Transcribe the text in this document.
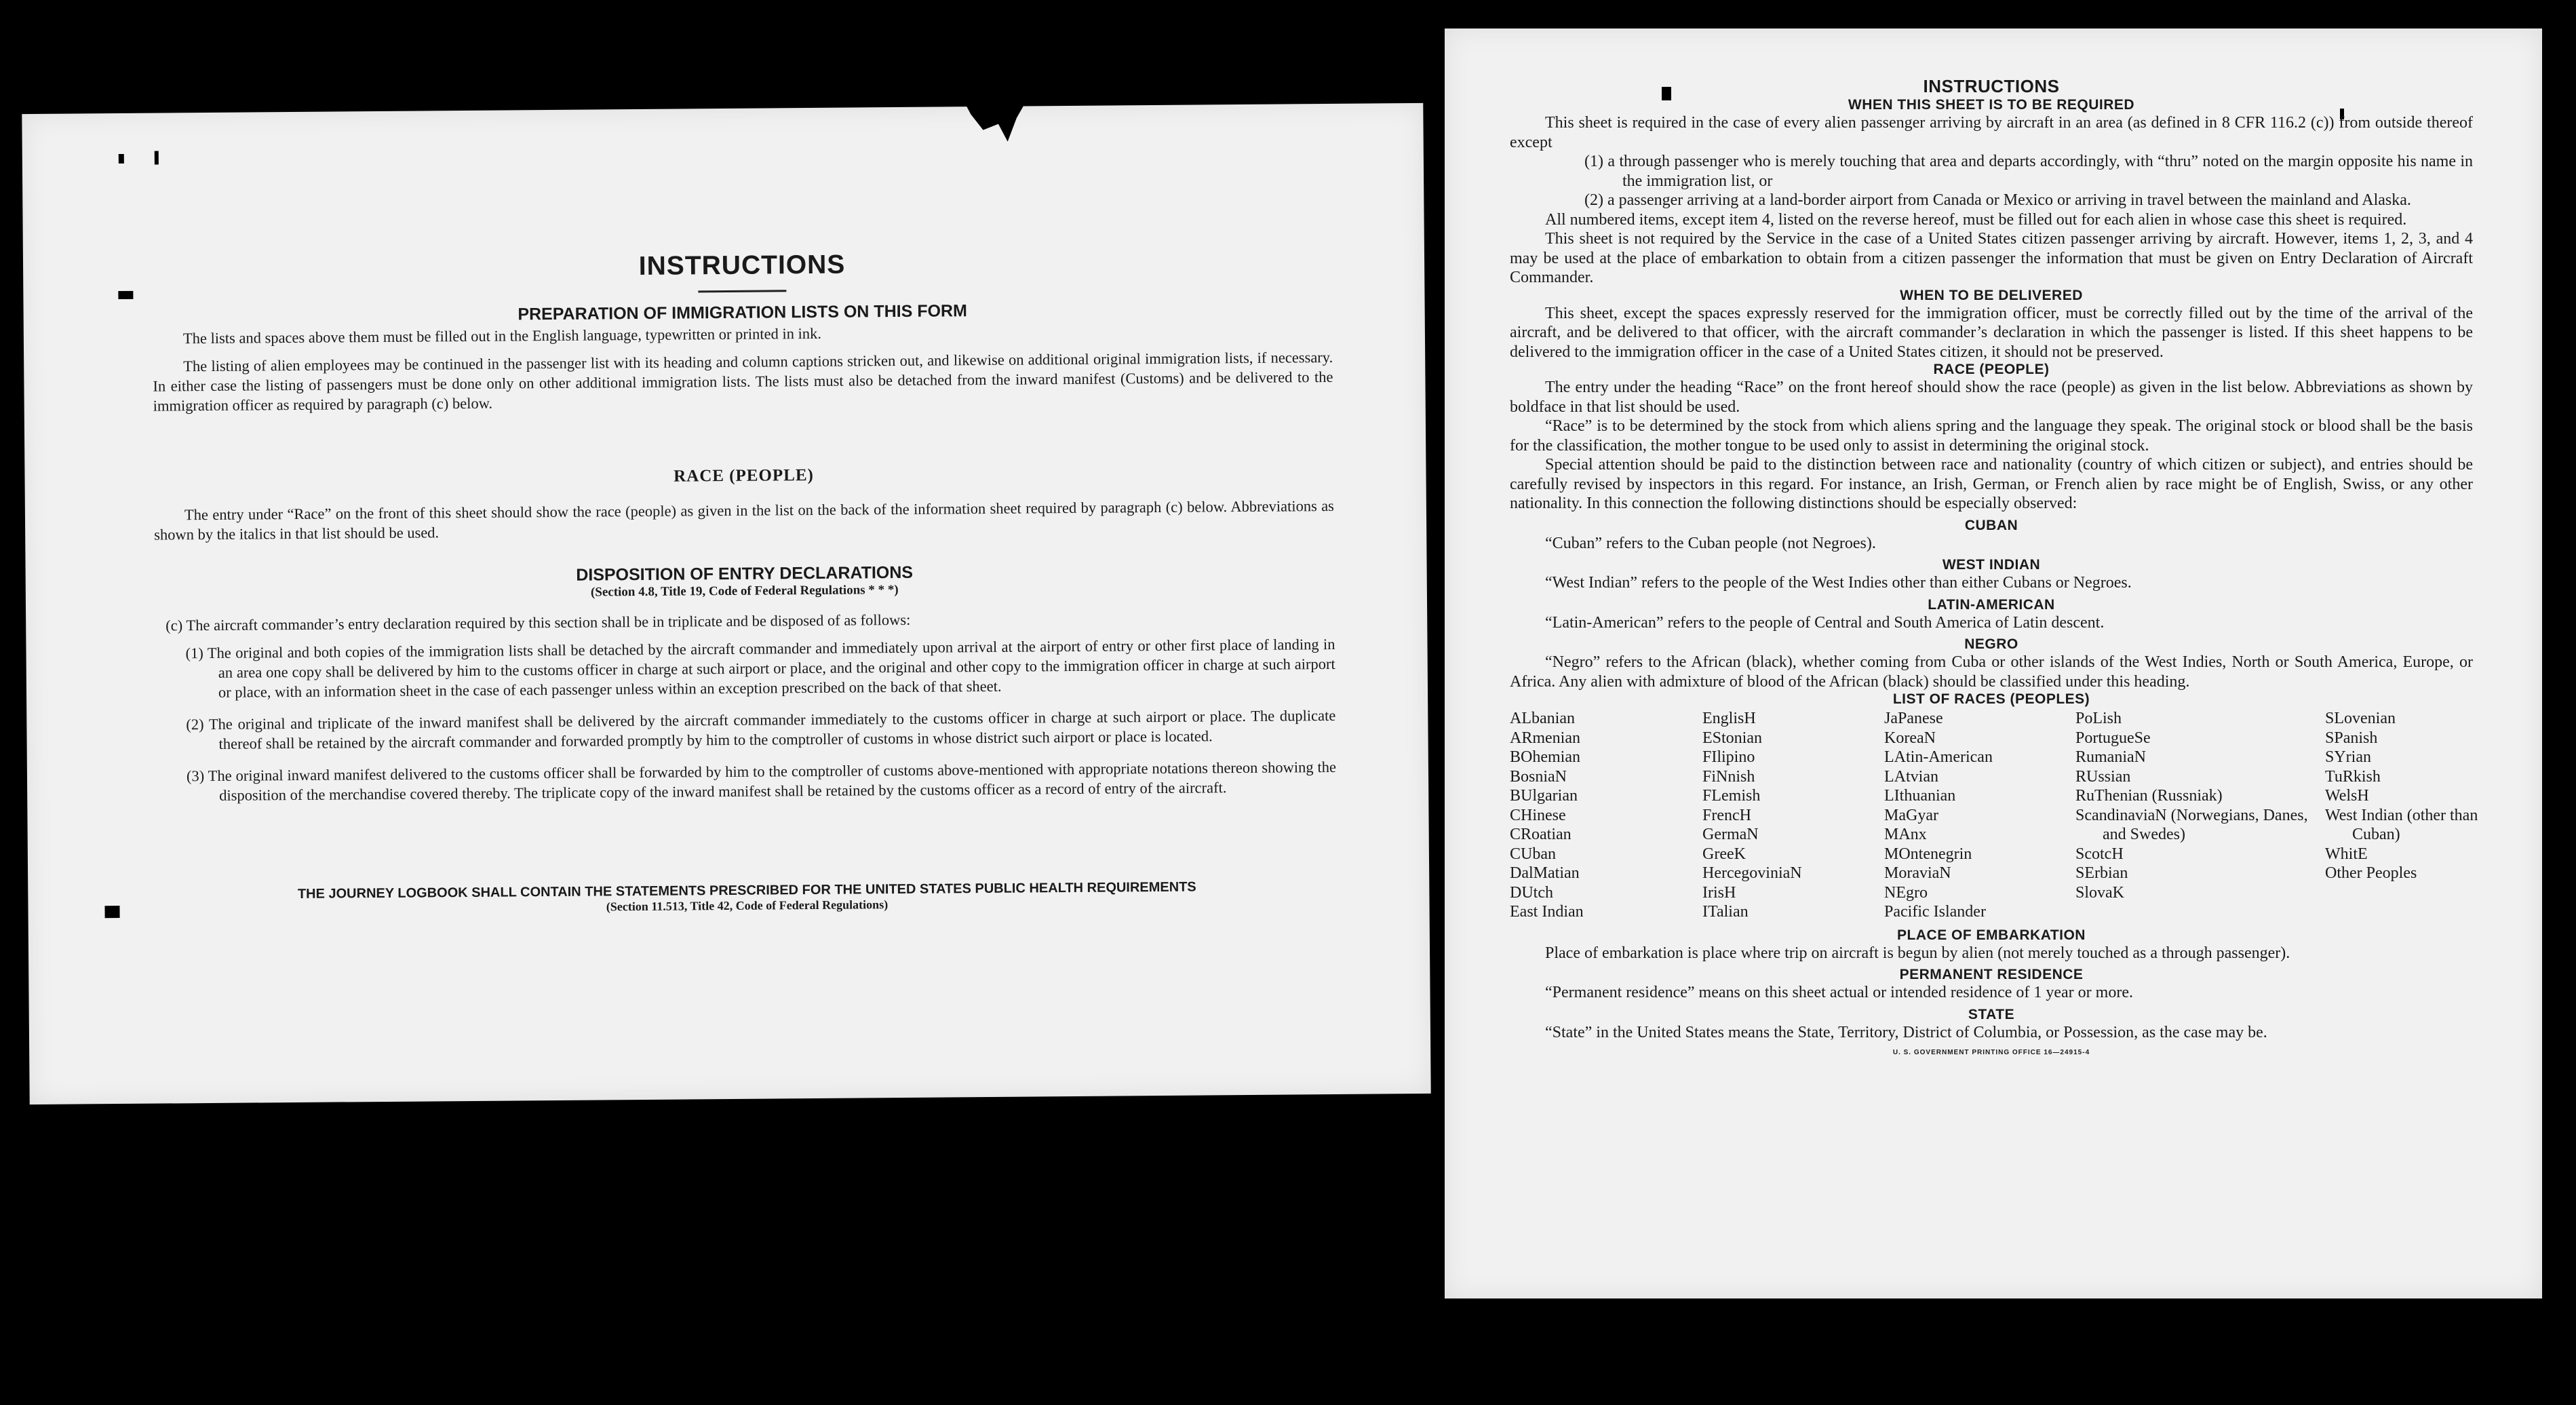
INSTRUCTIONS
PREPARATION OF IMMIGRATION LISTS ON THIS FORM

The lists and spaces above them must be filled out in the English language, typewritten or printed in ink.

The listing of alien employees may be continued in the passenger list with its heading and column captions stricken out, and likewise on additional original immigration lists, if necessary. In either case the listing of passengers must be done only on other additional immigration lists. The lists must also be detached from the inward manifest (Customs) and be delivered to the immigration officer as required by paragraph (c) below.

RACE (PEOPLE)

The entry under “Race” on the front of this sheet should show the race (people) as given in the list on the back of the information sheet required by paragraph (c) below. Abbreviations as shown by the italics in that list should be used.

DISPOSITION OF ENTRY DECLARATIONS
(Section 4.8, Title 19, Code of Federal Regulations * * *)

(c) The aircraft commander’s entry declaration required by this section shall be in triplicate and be disposed of as follows:

(1) The original and both copies of the immigration lists shall be detached by the aircraft commander and immediately upon arrival at the airport of entry or other first place of landing in an area one copy shall be delivered by him to the customs officer in charge at such airport or place, and the original and other copy to the immigration officer in charge at such airport or place, with an information sheet in the case of each passenger unless within an exception prescribed on the back of that sheet.
(2) The original and triplicate of the inward manifest shall be delivered by the aircraft commander immediately to the customs officer in charge at such airport or place. The duplicate thereof shall be retained by the aircraft commander and forwarded promptly by him to the comptroller of customs in whose district such airport or place is located.
(3) The original inward manifest delivered to the customs officer shall be forwarded by him to the comptroller of customs above-mentioned with appropriate notations thereon showing the disposition of the merchandise covered thereby. The triplicate copy of the inward manifest shall be retained by the customs officer as a record of entry of the aircraft.
THE JOURNEY LOGBOOK SHALL CONTAIN THE STATEMENTS PRESCRIBED FOR THE UNITED STATES PUBLIC HEALTH REQUIREMENTS
(Section 11.513, Title 42, Code of Federal Regulations)
INSTRUCTIONS
WHEN THIS SHEET IS TO BE REQUIRED

This sheet is required in the case of every alien passenger arriving by aircraft in an area (as defined in 8 CFR 116.2 (c)) from outside thereof except

(1) a through passenger who is merely touching that area and departs accordingly, with “thru” noted on the margin opposite his name in the immigration list, or
(2) a passenger arriving at a land-border airport from Canada or Mexico or arriving in travel between the mainland and Alaska.

All numbered items, except item 4, listed on the reverse hereof, must be filled out for each alien in whose case this sheet is required.

This sheet is not required by the Service in the case of a United States citizen passenger arriving by aircraft. However, items 1, 2, 3, and 4 may be used at the place of embarkation to obtain from a citizen passenger the information that must be given on Entry Declaration of Aircraft Commander.

WHEN TO BE DELIVERED

This sheet, except the spaces expressly reserved for the immigration officer, must be correctly filled out by the time of the arrival of the aircraft, and be delivered to that officer, with the aircraft commander’s declaration in which the passenger is listed. If this sheet happens to be delivered to the immigration officer in the case of a United States citizen, it should not be preserved.

RACE (PEOPLE)

The entry under the heading “Race” on the front hereof should show the race (people) as given in the list below. Abbreviations as shown by boldface in that list should be used.

“Race” is to be determined by the stock from which aliens spring and the language they speak. The original stock or blood shall be the basis for the classification, the mother tongue to be used only to assist in determining the original stock.

Special attention should be paid to the distinction between race and nationality (country of which citizen or subject), and entries should be carefully revised by inspectors in this regard. For instance, an Irish, German, or French alien by race might be of English, Swiss, or any other nationality. In this connection the following distinctions should be especially observed:

CUBAN

“Cuban” refers to the Cuban people (not Negroes).

WEST INDIAN

“West Indian” refers to the people of the West Indies other than either Cubans or Negroes.

LATIN-AMERICAN

“Latin-American” refers to the people of Central and South America of Latin descent.

NEGRO

“Negro” refers to the African (black), whether coming from Cuba or other islands of the West Indies, North or South America, Europe, or Africa. Any alien with admixture of blood of the African (black) should be classified under this heading.

LIST OF RACES (PEOPLES)
ALbanian
ARmenian
BOhemian
BosniaN
BUlgarian
CHinese
CRoatian
CUban
DalMatian
DUtch
East Indian
EnglisH
EStonian
FIlipino
FiNnish
FLemish
FrencH
GermaN
GreeK
HercegoviniaN
IrisH
ITalian
JaPanese
KoreaN
LAtin-American
LAtvian
LIthuanian
MaGyar
MAnx
MOntenegrin
MoraviaN
NEgro
Pacific Islander
PoLish
PortugueSe
RumaniaN
RUssian
RuThenian (Russniak)
ScandinaviaN (Norwegians, Danes, and Swedes)
ScotcH
SErbian
SlovaK
SLovenian
SPanish
SYrian
TuRkish
WelsH
West Indian (other than Cuban)
WhitE
Other Peoples
PLACE OF EMBARKATION

Place of embarkation is place where trip on aircraft is begun by alien (not merely touched as a through passenger).

PERMANENT RESIDENCE

“Permanent residence” means on this sheet actual or intended residence of 1 year or more.

STATE

“State” in the United States means the State, Territory, District of Columbia, or Possession, as the case may be.

U. S. GOVERNMENT PRINTING OFFICE 16—24915-4
